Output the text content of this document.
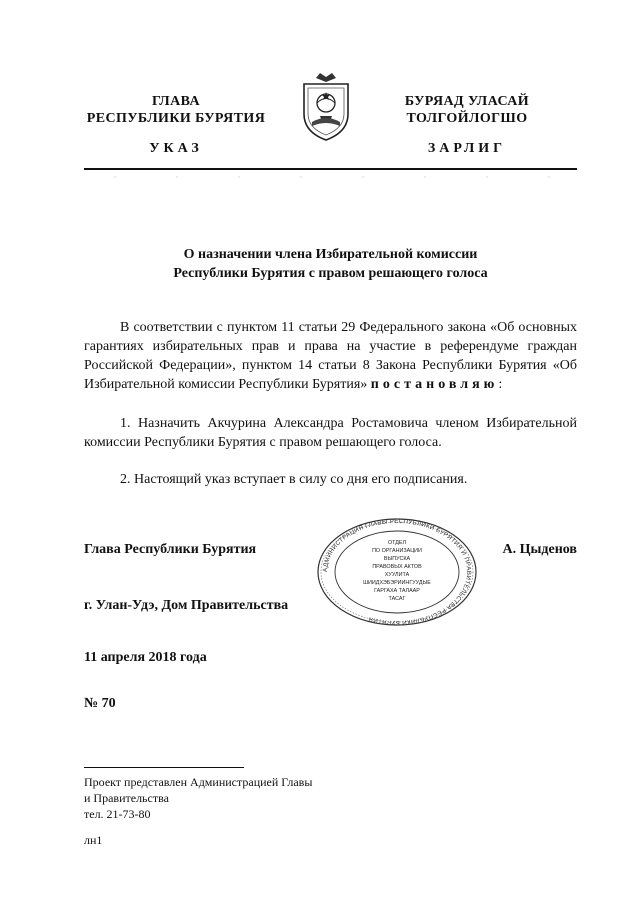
ГЛАВА
РЕСПУБЛИКИ БУРЯТИЯ
УКАЗ
БУРЯАД УЛАСАЙ
ТОЛГОЙЛОГШО
ЗАРЛИГ
О назначении члена Избирательной комиссии
Республики Бурятия с правом решающего голоса

В соответствии с пунктом 11 статьи 29 Федерального закона «Об основных гарантиях избирательных прав и права на участие в референдуме граждан Российской Федерации», пунктом 14 статьи 8 Закона Республики Бурятия «Об Избирательной комиссии Республики Бурятия» постановляю:

1. Назначить Акчурина Александра Ростамовича членом Избирательной комиссии Республики Бурятия с правом решающего голоса.

2. Настоящий указ вступает в силу со дня его подписания.

Глава Республики Бурятия	А. Цыденов
г. Улан-Удэ, Дом Правительства
11 апреля 2018 года
№ 70
АДМИНИСТРАЦИЯ ГЛАВЫ РЕСПУБЛИКИ БУРЯТИЯ И ПРАВИТЕЛЬСТВА РЕСПУБЛИКИ БУРЯТИЯ
ОТДЕЛ
ПО ОРГАНИЗАЦИИ
ВЫПУСКА
ПРАВОВЫХ АКТОВ
ХУУЛИТА
ШИИДХЭБЭРИИНГУУДЫЕ
ГАРГАХА ТАЛААР
ТАСАГ
Проект представлен Администрацией Главы
и Правительства
тел. 21-73-80
лн1
